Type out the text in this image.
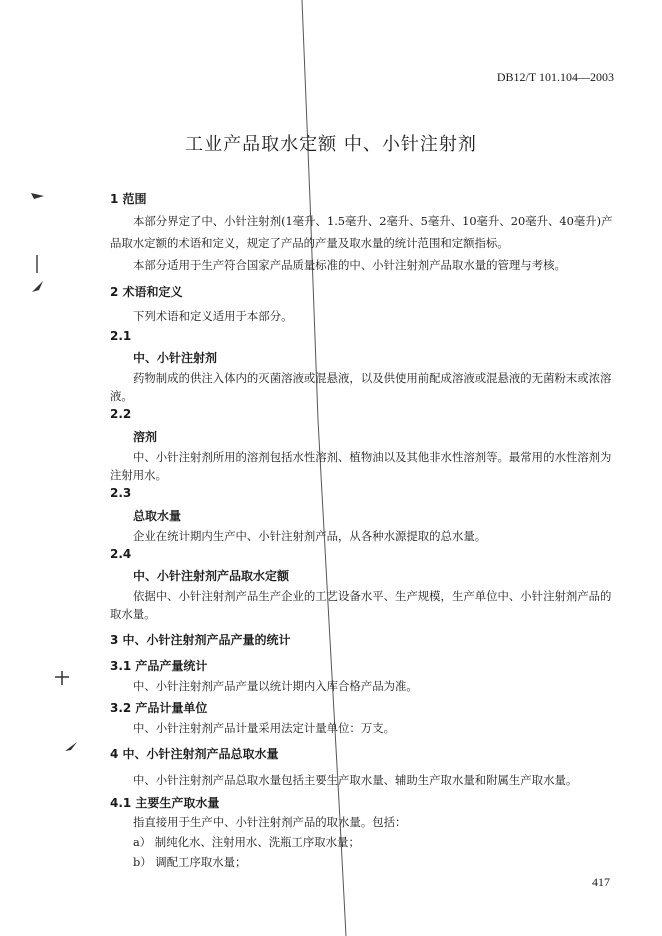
DB12/T 101.104—2003
工业产品取水定额 中、小针注射剂
1 范围
本部分界定了中、小针注射剂(1毫升、1.5毫升、2毫升、5毫升、10毫升、20毫升、40毫升)产
品取水定额的术语和定义，规定了产品的产量及取水量的统计范围和定额指标。
本部分适用于生产符合国家产品质量标准的中、小针注射剂产品取水量的管理与考核。
2 术语和定义
下列术语和定义适用于本部分。
2.1
中、小针注射剂
药物制成的供注入体内的灭菌溶液或混悬液，以及供使用前配成溶液或混悬液的无菌粉末或浓溶
液。
2.2
溶剂
中、小针注射剂所用的溶剂包括水性溶剂、植物油以及其他非水性溶剂等。最常用的水性溶剂为
注射用水。
2.3
总取水量
企业在统计期内生产中、小针注射剂产品，从各种水源提取的总水量。
2.4
中、小针注射剂产品取水定额
依据中、小针注射剂产品生产企业的工艺设备水平、生产规模，生产单位中、小针注射剂产品的
取水量。
3 中、小针注射剂产品产量的统计
3.1 产品产量统计
中、小针注射剂产品产量以统计期内入库合格产品为准。
3.2 产品计量单位
中、小针注射剂产品计量采用法定计量单位：万支。
4 中、小针注射剂产品总取水量
中、小针注射剂产品总取水量包括主要生产取水量、辅助生产取水量和附属生产取水量。
4.1 主要生产取水量
指直接用于生产中、小针注射剂产品的取水量。包括：
a） 制纯化水、注射用水、洗瓶工序取水量；
b） 调配工序取水量；
417
